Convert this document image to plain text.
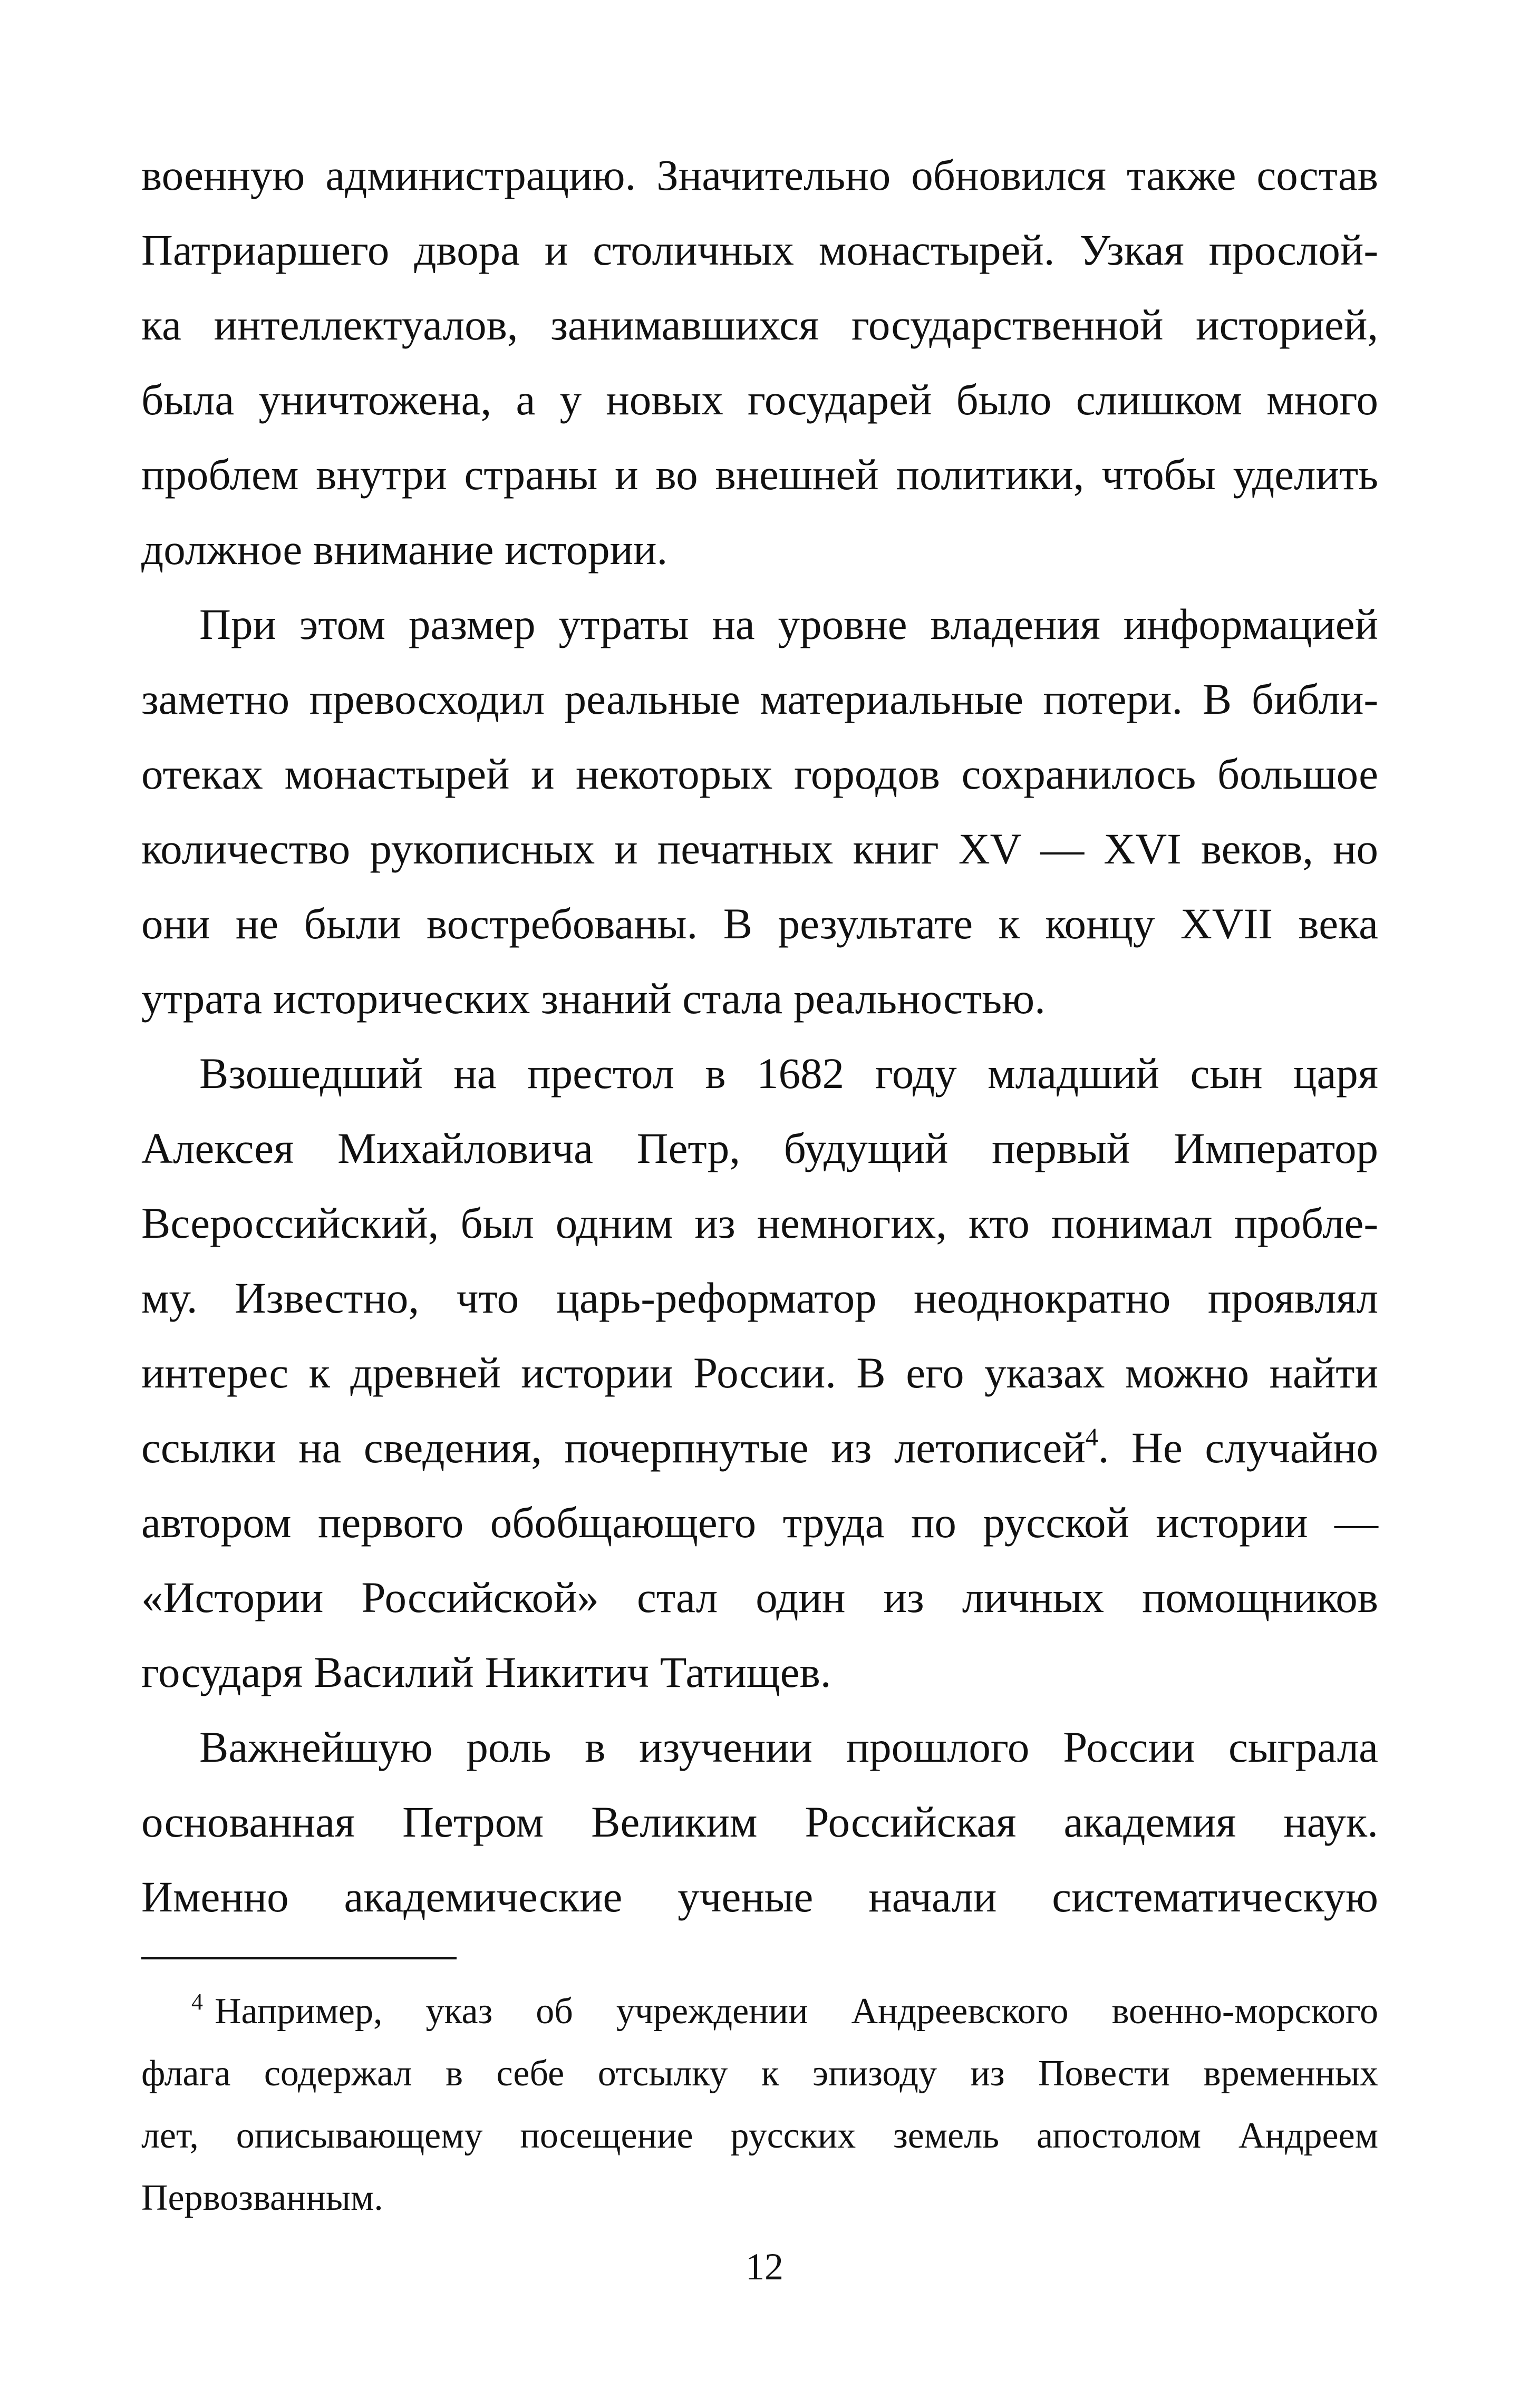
военную администрацию. Значительно обновился также состав
Патриаршего двора и столичных монастырей. Узкая прослой-
ка интеллектуалов, занимавшихся государственной историей,
была уничтожена, а у новых государей было слишком много
проблем внутри страны и во внешней политики, чтобы уделить
должное внимание истории.
При этом размер утраты на уровне владения информацией
заметно превосходил реальные материальные потери. В библи-
отеках монастырей и некоторых городов сохранилось большое
количество рукописных и печатных книг XV — XVI веков, но
они не были востребованы. В результате к концу XVII века
утрата исторических знаний стала реальностью.
Взошедший на престол в 1682 году младший сын царя
Алексея Михайловича Петр, будущий первый Император
Всероссийский, был одним из немногих, кто понимал пробле-
му. Известно, что царь-реформатор неоднократно проявлял
интерес к древней истории России. В его указах можно найти
ссылки на сведения, почерпнутые из летописей$^4$. Не случайно
автором первого обобщающего труда по русской истории —
«Истории Российской» стал один из личных помощников
государя Василий Никитич Татищев.
Важнейшую роль в изучении прошлого России сыграла
основанная Петром Великим Российская академия наук.
Именно академические ученые начали систематическую
$^4$ Например, указ об учреждении Андреевского военно-морского
флага содержал в себе отсылку к эпизоду из Повести временных
лет, описывающему посещение русских земель апостолом Андреем
Первозванным.
12
